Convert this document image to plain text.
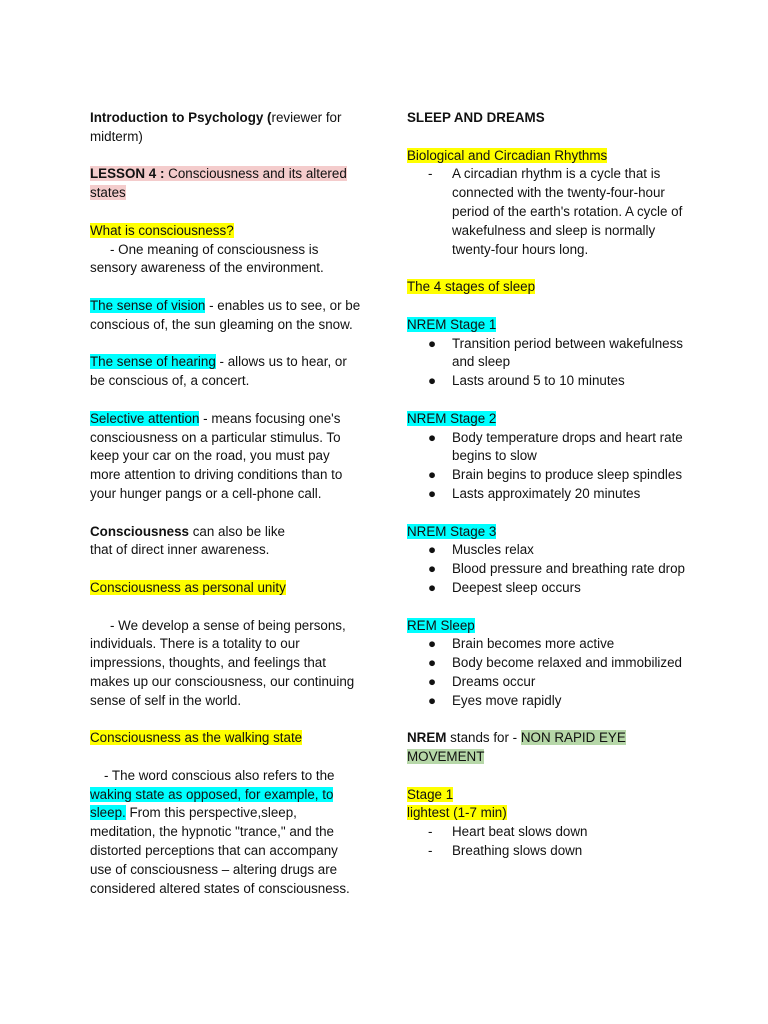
Introduction to Psychology (reviewer for midterm)

LESSON 4 : Consciousness and its altered states

What is consciousness?

- One meaning of consciousness is

sensory awareness of the environment.

The sense of vision - enables us to see, or be conscious of, the sun gleaming on the snow.

The sense of hearing - allows us to hear, or be conscious of, a concert.

Selective attention - means focusing one's consciousness on a particular stimulus. To keep your car on the road, you must pay more attention to driving conditions than to your hunger pangs or a cell-phone call.

Consciousness can also be like

that of direct inner awareness.

Consciousness as personal unity

- We develop a sense of being persons,

individuals. There is a totality to our impressions, thoughts, and feelings that makes up our consciousness, our continuing sense of self in the world.

Consciousness as the walking state

- The word conscious also refers to the

waking state as opposed, for example, to sleep. From this perspective,sleep, meditation, the hypnotic "trance," and the distorted perceptions that can accompany use of consciousness – altering drugs are considered altered states of consciousness.

SLEEP AND DREAMS

Biological and Circadian Rhythms

- A circadian rhythm is a cycle that is connected with the twenty-four-hour period of the earth's rotation. A cycle of wakefulness and sleep is normally twenty-four hours long.

The 4 stages of sleep

NREM Stage 1

● Transition period between wakefulness and sleep
● Lasts around 5 to 10 minutes

NREM Stage 2

● Body temperature drops and heart rate begins to slow
● Brain begins to produce sleep spindles
● Lasts approximately 20 minutes

NREM Stage 3

● Muscles relax
● Blood pressure and breathing rate drop
● Deepest sleep occurs

REM Sleep

● Brain becomes more active
● Body become relaxed and immobilized
● Dreams occur
● Eyes move rapidly

NREM stands for - NON RAPID EYE MOVEMENT

Stage 1

lightest (1-7 min)

- Heart beat slows down
- Breathing slows down
